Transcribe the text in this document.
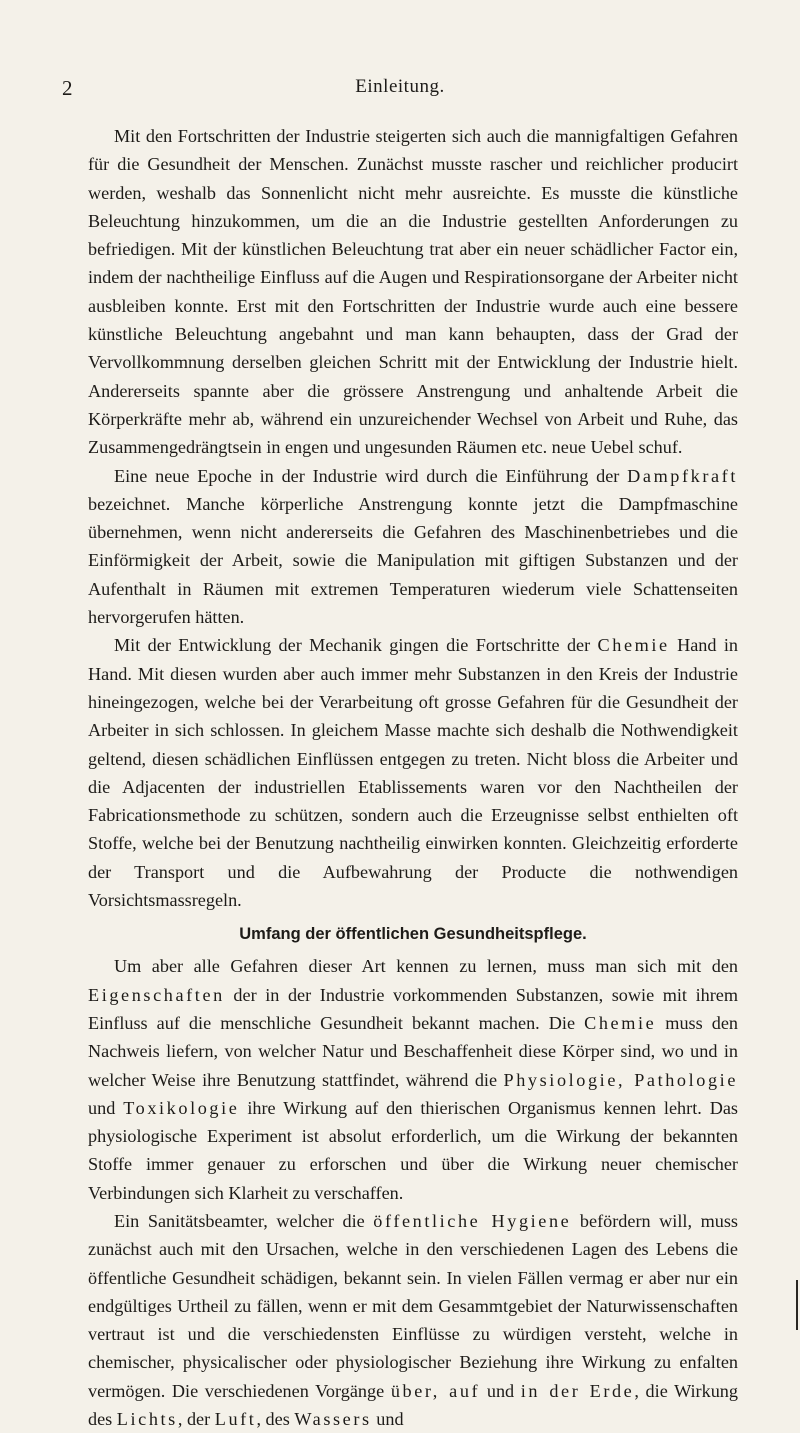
2	Einleitung.

Mit den Fortschritten der Industrie steigerten sich auch die mannigfaltigen Gefahren für die Gesundheit der Menschen. Zunächst musste rascher und reichlicher producirt werden, weshalb das Sonnenlicht nicht mehr ausreichte. Es musste die künstliche Beleuchtung hinzukommen, um die an die Industrie gestellten Anforderungen zu befriedigen. Mit der künstlichen Beleuchtung trat aber ein neuer schädlicher Factor ein, indem der nachtheilige Einfluss auf die Augen und Respirationsorgane der Arbeiter nicht ausbleiben konnte. Erst mit den Fortschritten der Industrie wurde auch eine bessere künstliche Beleuchtung angebahnt und man kann behaupten, dass der Grad der Vervollkommnung derselben gleichen Schritt mit der Entwicklung der Industrie hielt. Andererseits spannte aber die grössere Anstrengung und anhaltende Arbeit die Körperkräfte mehr ab, während ein unzureichender Wechsel von Arbeit und Ruhe, das Zusammengedrängtsein in engen und ungesunden Räumen etc. neue Uebel schuf.

Eine neue Epoche in der Industrie wird durch die Einführung der Dampfkraft bezeichnet. Manche körperliche Anstrengung konnte jetzt die Dampfmaschine übernehmen, wenn nicht andererseits die Gefahren des Maschinenbetriebes und die Einförmigkeit der Arbeit, sowie die Manipulation mit giftigen Substanzen und der Aufenthalt in Räumen mit extremen Temperaturen wiederum viele Schattenseiten hervorgerufen hätten.

Mit der Entwicklung der Mechanik gingen die Fortschritte der Chemie Hand in Hand. Mit diesen wurden aber auch immer mehr Substanzen in den Kreis der Industrie hineingezogen, welche bei der Verarbeitung oft grosse Gefahren für die Gesundheit der Arbeiter in sich schlossen. In gleichem Masse machte sich deshalb die Nothwendigkeit geltend, diesen schädlichen Einflüssen entgegen zu treten. Nicht bloss die Arbeiter und die Adjacenten der industriellen Etablissements waren vor den Nachtheilen der Fabricationsmethode zu schützen, sondern auch die Erzeugnisse selbst enthielten oft Stoffe, welche bei der Benutzung nachtheilig einwirken konnten. Gleichzeitig erforderte der Transport und die Aufbewahrung der Producte die nothwendigen Vorsichtsmassregeln.

Umfang der öffentlichen Gesundheitspflege.

Um aber alle Gefahren dieser Art kennen zu lernen, muss man sich mit den Eigenschaften der in der Industrie vorkommenden Substanzen, sowie mit ihrem Einfluss auf die menschliche Gesundheit bekannt machen. Die Chemie muss den Nachweis liefern, von welcher Natur und Beschaffenheit diese Körper sind, wo und in welcher Weise ihre Benutzung stattfindet, während die Physiologie, Pathologie und Toxikologie ihre Wirkung auf den thierischen Organismus kennen lehrt. Das physiologische Experiment ist absolut erforderlich, um die Wirkung der bekannten Stoffe immer genauer zu erforschen und über die Wirkung neuer chemischer Verbindungen sich Klarheit zu verschaffen.

Ein Sanitätsbeamter, welcher die öffentliche Hygiene befördern will, muss zunächst auch mit den Ursachen, welche in den verschiedenen Lagen des Lebens die öffentliche Gesundheit schädigen, bekannt sein. In vielen Fällen vermag er aber nur ein endgültiges Urtheil zu fällen, wenn er mit dem Gesammtgebiet der Naturwissenschaften vertraut ist und die verschiedensten Einflüsse zu würdigen versteht, welche in chemischer, physicalischer oder physiologischer Beziehung ihre Wirkung zu enfalten vermögen. Die verschiedenen Vorgänge über, auf und in der Erde, die Wirkung des Lichts, der Luft, des Wassers und
